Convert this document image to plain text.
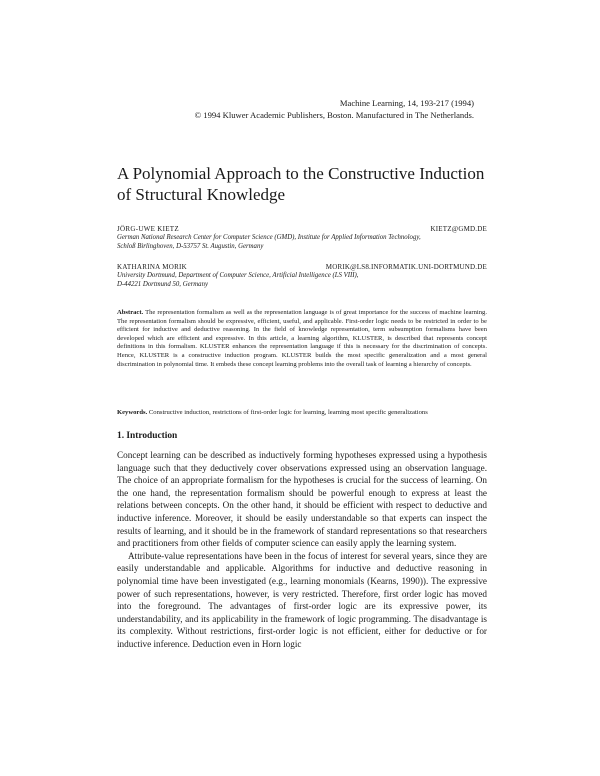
Machine Learning, 14, 193-217 (1994)
© 1994 Kluwer Academic Publishers, Boston. Manufactured in The Netherlands.
A Polynomial Approach to the Constructive Induction of Structural Knowledge
JÖRG-UWE KIETZ	KIETZ@GMD.DE
German National Research Center for Computer Science (GMD), Institute for Applied Information Technology,
Schloß Birlinghoven, D-53757 St. Augustin, Germany
KATHARINA MORIK	MORIK@LS8.INFORMATIK.UNI-DORTMUND.DE
University Dortmund, Department of Computer Science, Artificial Intelligence (LS VIII),
D-44221 Dortmund 50, Germany
Abstract. The representation formalism as well as the representation language is of great importance for the success of machine learning. The representation formalism should be expressive, efficient, useful, and applicable. First-order logic needs to be restricted in order to be efficient for inductive and deductive reasoning. In the field of knowledge representation, term subsumption formalisms have been developed which are efficient and expressive. In this article, a learning algorithm, KLUSTER, is described that represents concept definitions in this formalism. KLUSTER enhances the representation language if this is necessary for the discrimination of concepts. Hence, KLUSTER is a constructive induction program. KLUSTER builds the most specific generalization and a most general discrimination in polynomial time. It embeds these concept learning problems into the overall task of learning a hierarchy of concepts.
Keywords. Constructive induction, restrictions of first-order logic for learning, learning most specific generalizations
1. Introduction

Concept learning can be described as inductively forming hypotheses expressed using a hypothesis language such that they deductively cover observations expressed using an observation language. The choice of an appropriate formalism for the hypotheses is crucial for the success of learning. On the one hand, the representation formalism should be powerful enough to express at least the relations between concepts. On the other hand, it should be efficient with respect to deductive and inductive inference. Moreover, it should be easily understandable so that experts can inspect the results of learning, and it should be in the framework of standard representations so that researchers and practitioners from other fields of computer science can easily apply the learning system.

Attribute-value representations have been in the focus of interest for several years, since they are easily understandable and applicable. Algorithms for inductive and deductive reasoning in polynomial time have been investigated (e.g., learning monomials (Kearns, 1990)). The expressive power of such representations, however, is very restricted. Therefore, first order logic has moved into the foreground. The advantages of first-order logic are its expressive power, its understandability, and its applicability in the framework of logic programming. The disadvantage is its complexity. Without restrictions, first-order logic is not efficient, either for deductive or for inductive inference. Deduction even in Horn logic
